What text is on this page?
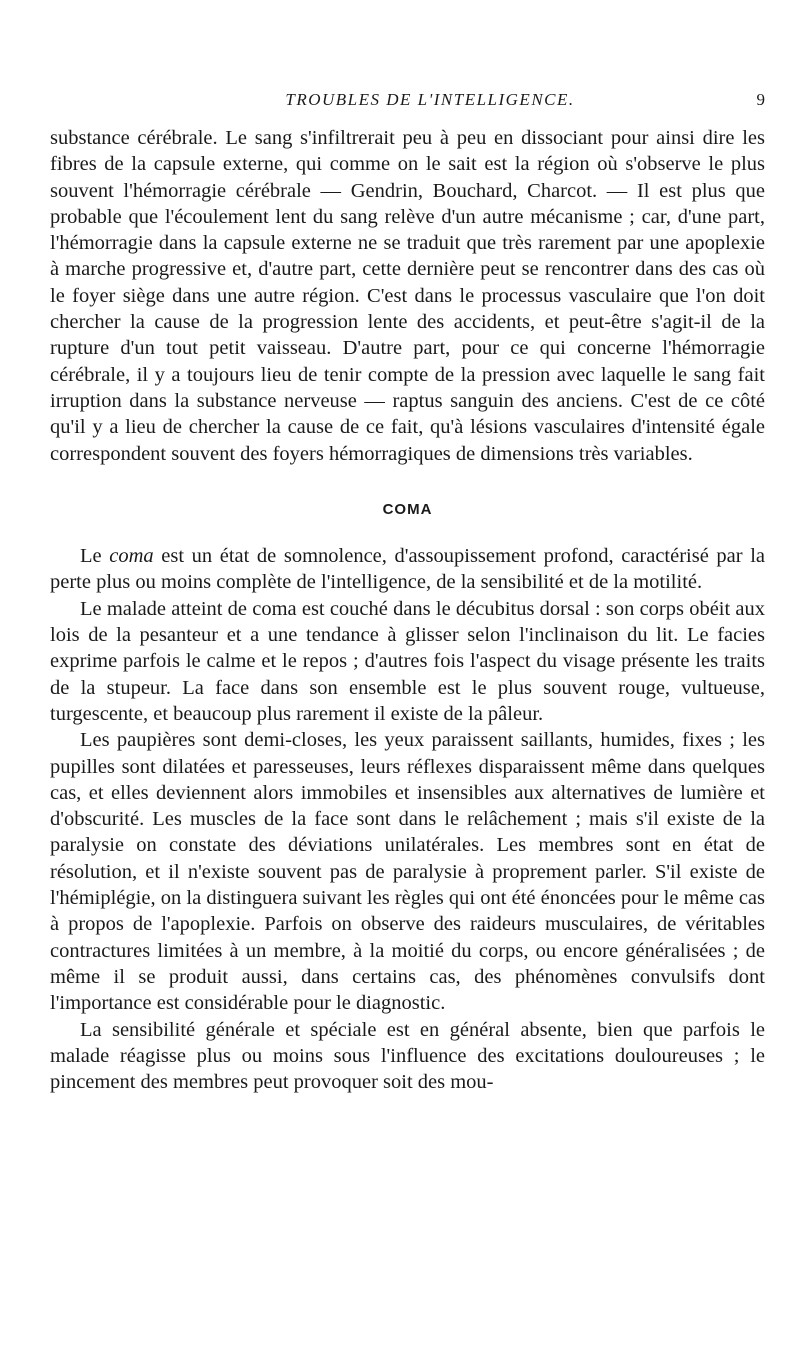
TROUBLES DE L'INTELLIGENCE.	9

substance cérébrale. Le sang s'infiltrerait peu à peu en dissociant pour ainsi dire les fibres de la capsule externe, qui comme on le sait est la région où s'observe le plus souvent l'hémorragie cérébrale — Gendrin, Bouchard, Charcot. — Il est plus que probable que l'écoulement lent du sang relève d'un autre mécanisme ; car, d'une part, l'hémorragie dans la capsule externe ne se traduit que très rarement par une apoplexie à marche progressive et, d'autre part, cette dernière peut se rencontrer dans des cas où le foyer siège dans une autre région. C'est dans le processus vasculaire que l'on doit chercher la cause de la progression lente des accidents, et peut-être s'agit-il de la rupture d'un tout petit vaisseau. D'autre part, pour ce qui concerne l'hémorragie cérébrale, il y a toujours lieu de tenir compte de la pression avec laquelle le sang fait irruption dans la substance nerveuse — raptus sanguin des anciens. C'est de ce côté qu'il y a lieu de chercher la cause de ce fait, qu'à lésions vasculaires d'intensité égale correspondent souvent des foyers hémorragiques de dimensions très variables.

COMA

Le coma est un état de somnolence, d'assoupissement profond, caractérisé par la perte plus ou moins complète de l'intelligence, de la sensibilité et de la motilité.

Le malade atteint de coma est couché dans le décubitus dorsal : son corps obéit aux lois de la pesanteur et a une tendance à glisser selon l'inclinaison du lit. Le facies exprime parfois le calme et le repos ; d'autres fois l'aspect du visage présente les traits de la stupeur. La face dans son ensemble est le plus souvent rouge, vultueuse, turgescente, et beaucoup plus rarement il existe de la pâleur.

Les paupières sont demi-closes, les yeux paraissent saillants, humides, fixes ; les pupilles sont dilatées et paresseuses, leurs réflexes disparaissent même dans quelques cas, et elles deviennent alors immobiles et insensibles aux alternatives de lumière et d'obscurité. Les muscles de la face sont dans le relâchement ; mais s'il existe de la paralysie on constate des déviations unilatérales. Les membres sont en état de résolution, et il n'existe souvent pas de paralysie à proprement parler. S'il existe de l'hémiplégie, on la distinguera suivant les règles qui ont été énoncées pour le même cas à propos de l'apoplexie. Parfois on observe des raideurs musculaires, de véritables contractures limitées à un membre, à la moitié du corps, ou encore généralisées ; de même il se produit aussi, dans certains cas, des phénomènes convulsifs dont l'importance est considérable pour le diagnostic.

La sensibilité générale et spéciale est en général absente, bien que parfois le malade réagisse plus ou moins sous l'influence des excitations douloureuses ; le pincement des membres peut provoquer soit des mou-
